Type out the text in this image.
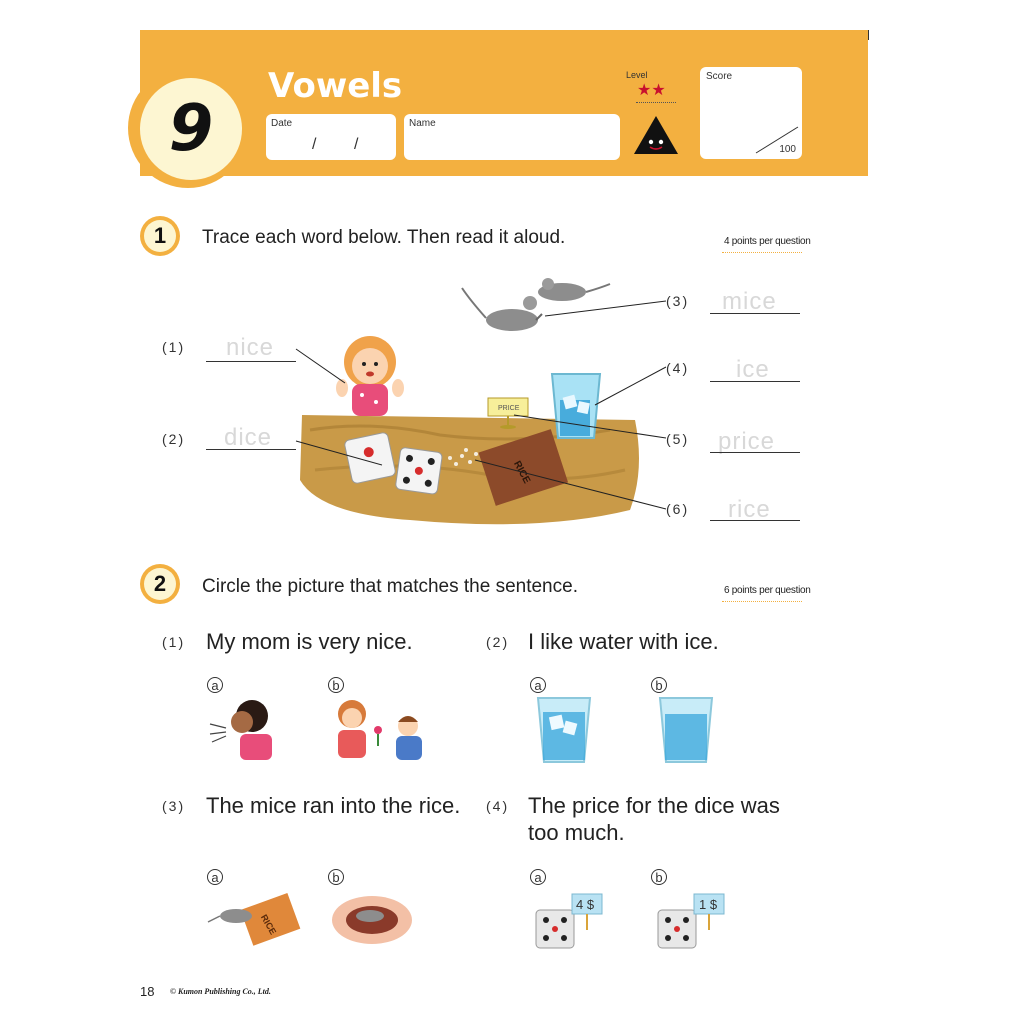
9
Vowels
Date
/ /
Name
Level
★★
Score
100
1	Trace each word below. Then read it aloud.	4 points per question
PRICE
RICE
(1) nice
(2) dice
(3) mice
(4) ice
(5) price
(6) rice
2	Circle the picture that matches the sentence.	6 points per question
(1) My mom is very nice.
a	b
(2) I like water with ice.
a	b
(3) The mice ran into the rice.
a	b
RICE
(4) The price for the dice was
too much.
a	b
4 $	1 $
18 © Kumon Publishing Co., Ltd.
